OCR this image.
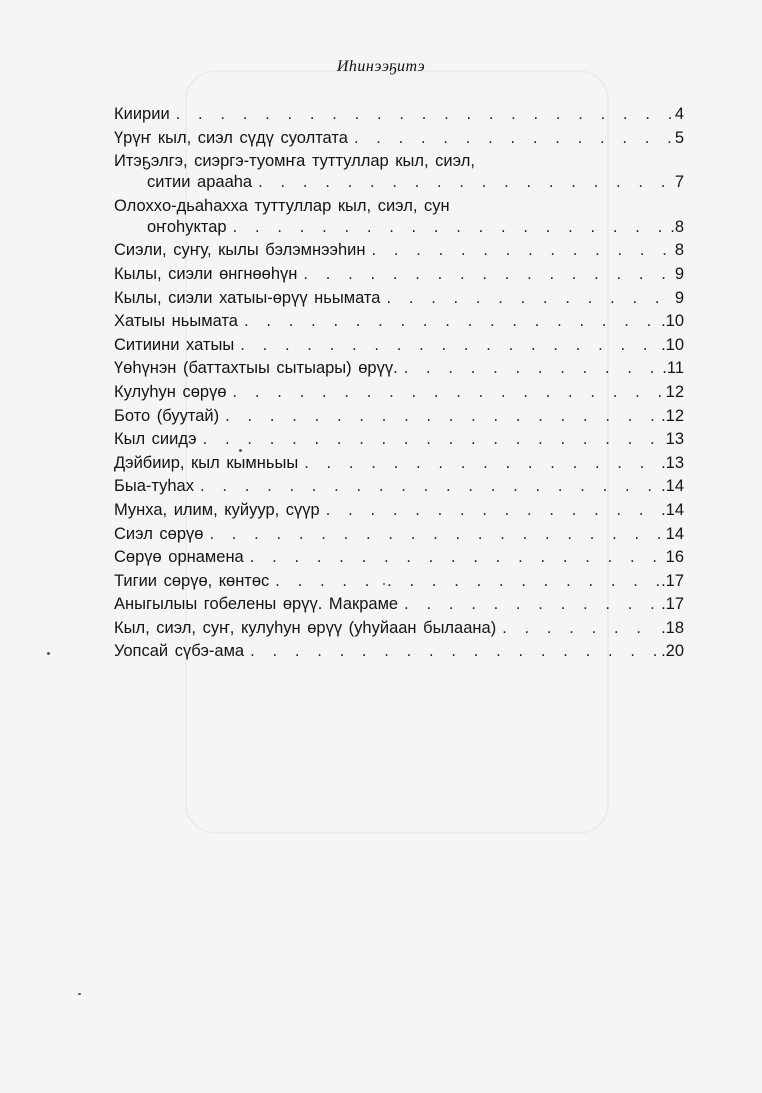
Иһинээҕитэ
Киирии . . .	4
Үрүҥ кыл, сиэл сүдү суолтата . . .	5
Итэҕэлгэ, сиэргэ-туомҥа туттуллар кыл, сиэл,
ситии арааһа . . .	7
Олохxo-дьаһахха туттуллар кыл, сиэл, сун
оҥоһуктар . . .	.8
Сиэли, суҥу, кылы бэлэмнээһин . . .	8
Кылы, сиэли өнгнөөһүн . . .	9
Кылы, сиэли хатыы-өрүү ньымата . . .	9
Хатыы ньымата . . .	.10
Ситиини хатыы . . .	.10
Үөһүнэн (баттахтыы сытыары) өрүү. . . .	.11
Кулуһун сөрүө . . .	12
Бото (буутай) . . .	.12
Кыл сиидэ . . .	13
Дэйбиир, кыл кымньыы . . .	.13
Быа-туһах . . .	.14
Мунха, илим, куйуур, сүүр . . .	.14
Сиэл сөрүө . . .	14
Сөрүө орнамена . . .	16
Тигии сөрүө, көнтөс . . .	.17
Аныгылыы гобелены өрүү. Макраме . . .	.17
Кыл, сиэл, суҥ, кулуһун өрүү (уһуйаан былаана) . . .	.18
Уопсай сүбэ-ама . . .	.20
